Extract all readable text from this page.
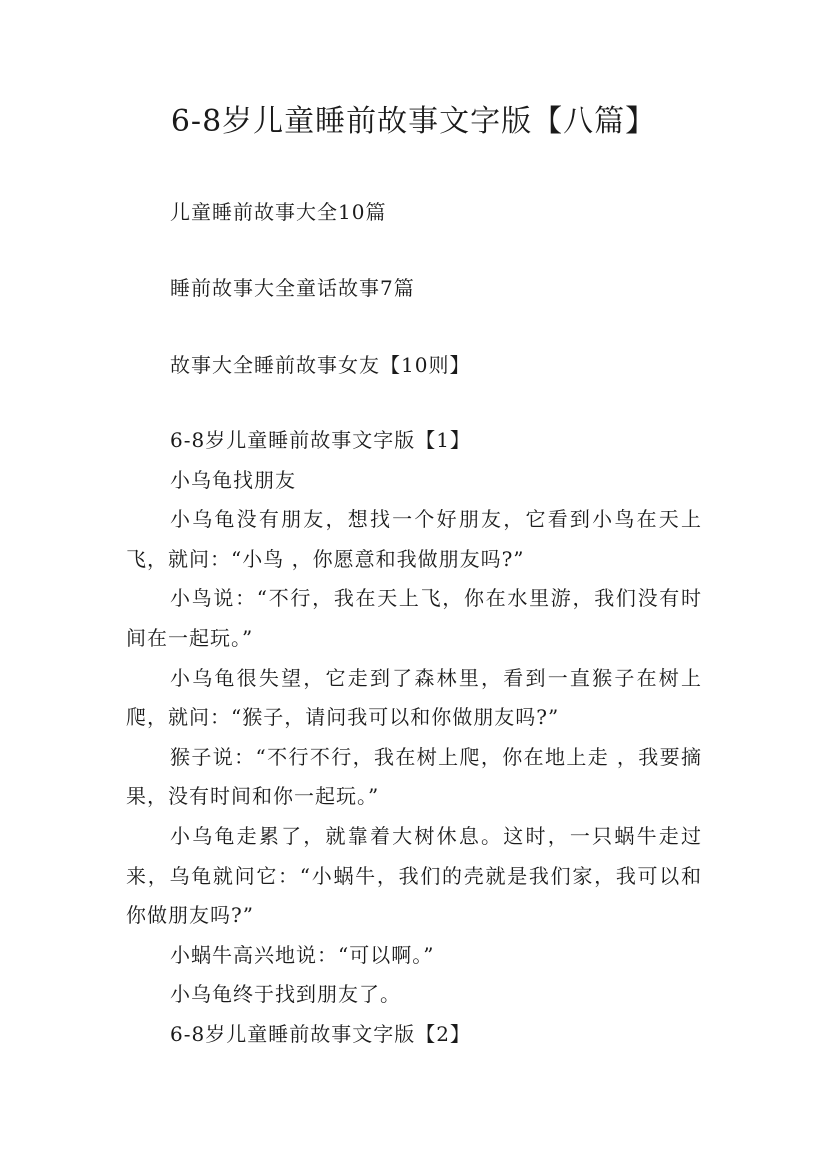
6-8岁儿童睡前故事文字版【八篇】
儿童睡前故事大全10篇
睡前故事大全童话故事7篇
故事大全睡前故事女友【10则】

6-8岁儿童睡前故事文字版【1】

小乌龟找朋友

小乌龟没有朋友，想找一个好朋友，它看到小鸟在天上飞，就问：“小鸟 ，你愿意和我做朋友吗?”

小鸟说：“不行，我在天上飞，你在水里游，我们没有时间在一起玩。”

小乌龟很失望，它走到了森林里，看到一直猴子在树上爬，就问：“猴子，请问我可以和你做朋友吗?”

猴子说：“不行不行，我在树上爬，你在地上走 ，我要摘果，没有时间和你一起玩。”

小乌龟走累了，就靠着大树休息。这时，一只蜗牛走过来，乌龟就问它：“小蜗牛，我们的壳就是我们家，我可以和你做朋友吗?”

小蜗牛高兴地说：“可以啊。”

小乌龟终于找到朋友了。

6-8岁儿童睡前故事文字版【2】
